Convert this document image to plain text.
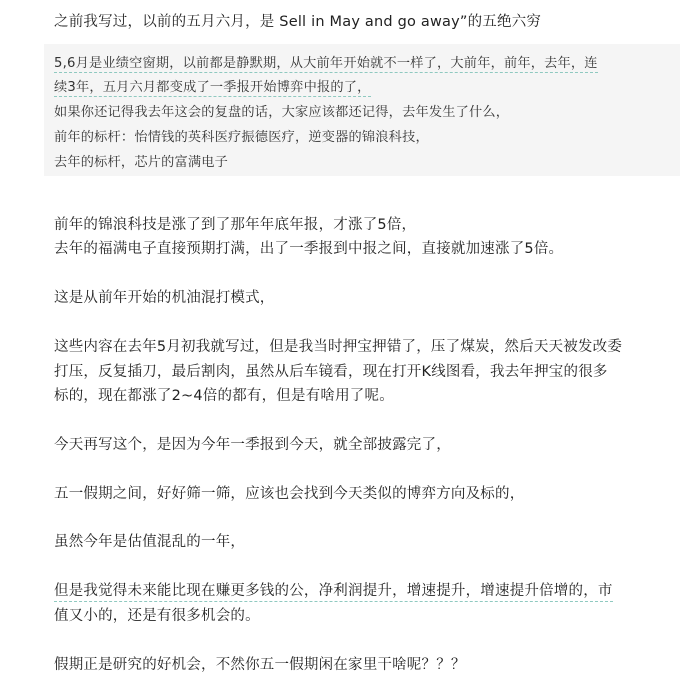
之前我写过，以前的五月六月，是 Sell in May and go away”的五绝六穷
5,6月是业绩空窗期，以前都是静默期，从大前年开始就不一样了，大前年，前年，去年，连
续3年，五月六月都变成了一季报开始博弈中报的了，
如果你还记得我去年这会的复盘的话，大家应该都还记得，去年发生了什么，
前年的标杆：怡情钱的英科医疗振德医疗，逆变器的锦浪科技，
去年的标杆，芯片的富满电子
前年的锦浪科技是涨了到了那年年底年报，才涨了5倍，
去年的福满电子直接预期打满，出了一季报到中报之间，直接就加速涨了5倍。
这是从前年开始的机油混打模式，
这些内容在去年5月初我就写过，但是我当时押宝押错了，压了煤炭，然后天天被发改委
打压，反复插刀，最后割肉，虽然从后车镜看，现在打开K线图看，我去年押宝的很多
标的，现在都涨了2~4倍的都有，但是有啥用了呢。
今天再写这个，是因为今年一季报到今天，就全部披露完了，
五一假期之间，好好筛一筛，应该也会找到今天类似的博弈方向及标的，
虽然今年是估值混乱的一年，
但是我觉得未来能比现在赚更多钱的公，净利润提升，增速提升，增速提升倍增的，市
值又小的，还是有很多机会的。
假期正是研究的好机会，不然你五一假期闲在家里干啥呢？？？
